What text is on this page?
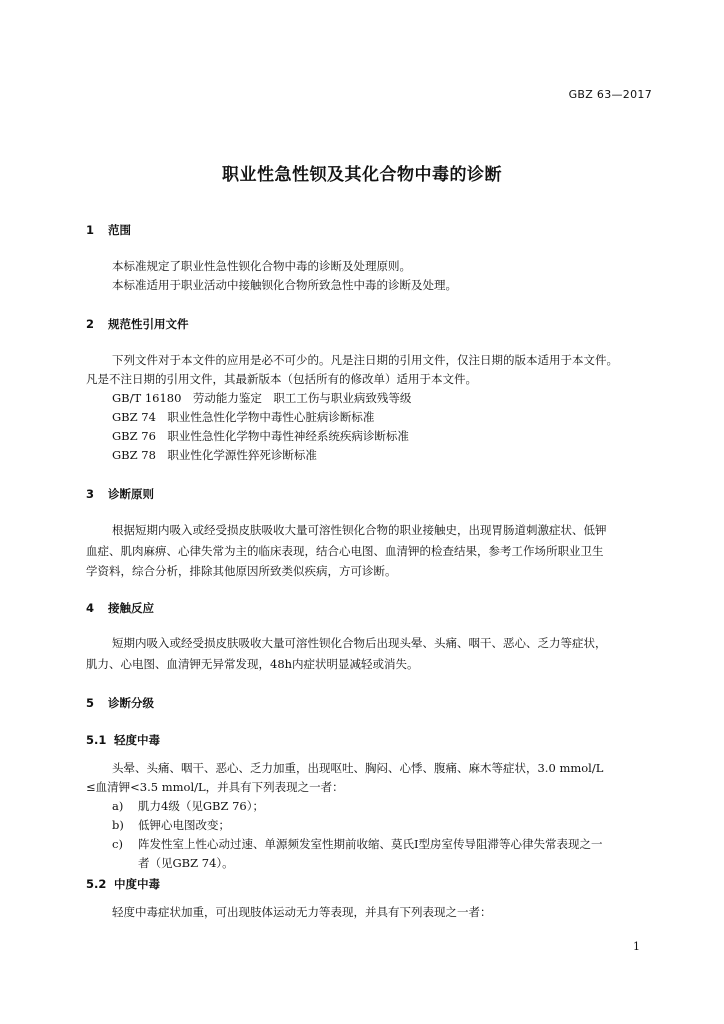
GBZ 63—2017
职业性急性钡及其化合物中毒的诊断
1 范围
本标准规定了职业性急性钡化合物中毒的诊断及处理原则。
本标准适用于职业活动中接触钡化合物所致急性中毒的诊断及处理。
2 规范性引用文件
下列文件对于本文件的应用是必不可少的。凡是注日期的引用文件，仅注日期的版本适用于本文件。
凡是不注日期的引用文件，其最新版本（包括所有的修改单）适用于本文件。
GB/T 16180　劳动能力鉴定　职工工伤与职业病致残等级
GBZ 74　职业性急性化学物中毒性心脏病诊断标准
GBZ 76　职业性急性化学物中毒性神经系统疾病诊断标准
GBZ 78　职业性化学源性猝死诊断标准
3 诊断原则
根据短期内吸入或经受损皮肤吸收大量可溶性钡化合物的职业接触史，出现胃肠道刺激症状、低钾
血症、肌肉麻痹、心律失常为主的临床表现，结合心电图、血清钾的检查结果，参考工作场所职业卫生
学资料，综合分析，排除其他原因所致类似疾病，方可诊断。
4 接触反应
短期内吸入或经受损皮肤吸收大量可溶性钡化合物后出现头晕、头痛、咽干、恶心、乏力等症状，
肌力、心电图、血清钾无异常发现，48h内症状明显减轻或消失。
5 诊断分级
5.1 轻度中毒
头晕、头痛、咽干、恶心、乏力加重，出现呕吐、胸闷、心悸、腹痛、麻木等症状，3.0 mmol/L
≤血清钾<3.5 mmol/L，并具有下列表现之一者：
a) 肌力4级（见GBZ 76）；
b) 低钾心电图改变；
c) 阵发性室上性心动过速、单源频发室性期前收缩、莫氏Ⅰ型房室传导阻滞等心律失常表现之一
者（见GBZ 74）。
5.2 中度中毒
轻度中毒症状加重，可出现肢体运动无力等表现，并具有下列表现之一者：
1
